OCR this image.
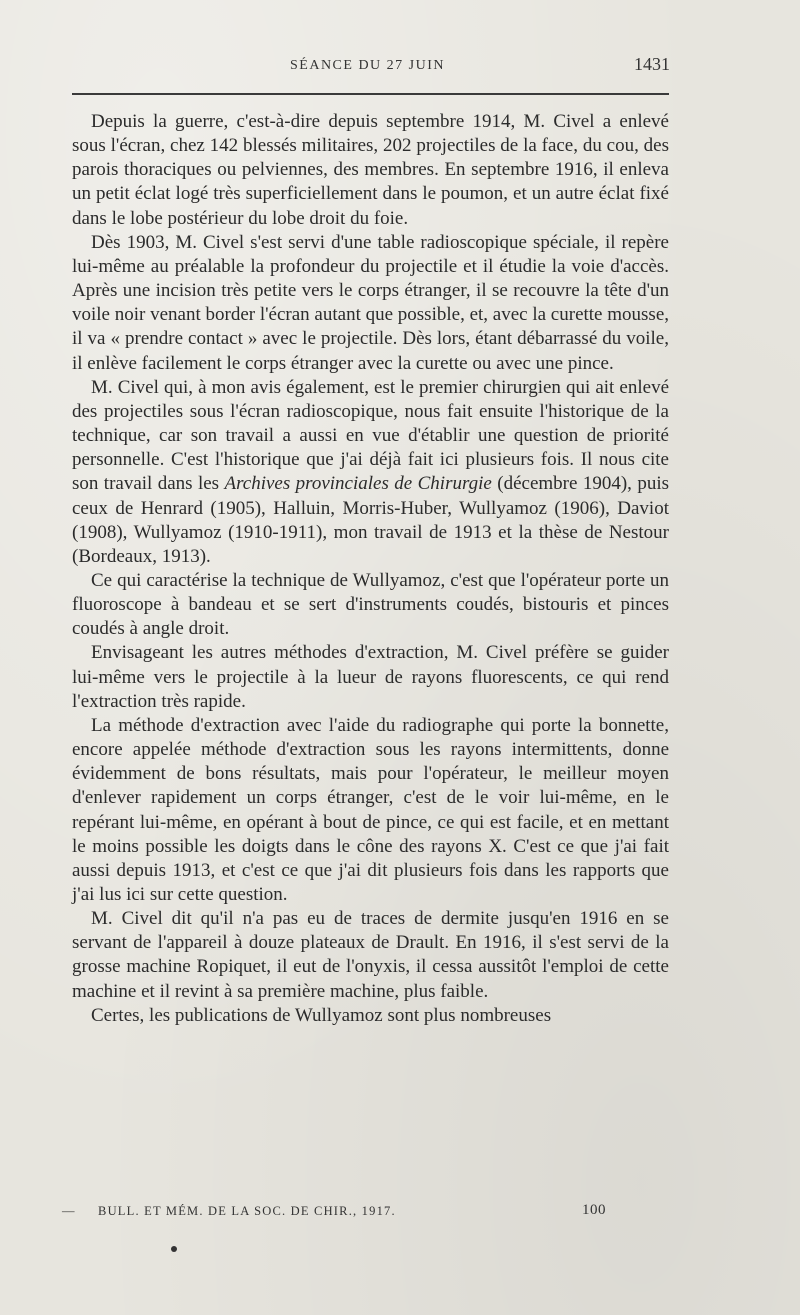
SÉANCE DU 27 JUIN	1431

Depuis la guerre, c'est-à-dire depuis septembre 1914, M. Civel a enlevé sous l'écran, chez 142 blessés militaires, 202 projectiles de la face, du cou, des parois thoraciques ou pelviennes, des membres. En septembre 1916, il enleva un petit éclat logé très superficiellement dans le poumon, et un autre éclat fixé dans le lobe postérieur du lobe droit du foie.

Dès 1903, M. Civel s'est servi d'une table radioscopique spéciale, il repère lui-même au préalable la profondeur du projectile et il étudie la voie d'accès. Après une incision très petite vers le corps étranger, il se recouvre la tête d'un voile noir venant border l'écran autant que possible, et, avec la curette mousse, il va « prendre contact » avec le projectile. Dès lors, étant débarrassé du voile, il enlève facilement le corps étranger avec la curette ou avec une pince.

M. Civel qui, à mon avis également, est le premier chirurgien qui ait enlevé des projectiles sous l'écran radioscopique, nous fait ensuite l'historique de la technique, car son travail a aussi en vue d'établir une question de priorité personnelle. C'est l'historique que j'ai déjà fait ici plusieurs fois. Il nous cite son travail dans les Archives provinciales de Chirurgie (décembre 1904), puis ceux de Henrard (1905), Halluin, Morris-Huber, Wullyamoz (1906), Daviot (1908), Wullyamoz (1910-1911), mon travail de 1913 et la thèse de Nestour (Bordeaux, 1913).

Ce qui caractérise la technique de Wullyamoz, c'est que l'opérateur porte un fluoroscope à bandeau et se sert d'instruments coudés, bistouris et pinces coudés à angle droit.

Envisageant les autres méthodes d'extraction, M. Civel préfère se guider lui-même vers le projectile à la lueur de rayons fluorescents, ce qui rend l'extraction très rapide.

La méthode d'extraction avec l'aide du radiographe qui porte la bonnette, encore appelée méthode d'extraction sous les rayons intermittents, donne évidemment de bons résultats, mais pour l'opérateur, le meilleur moyen d'enlever rapidement un corps étranger, c'est de le voir lui-même, en le repérant lui-même, en opérant à bout de pince, ce qui est facile, et en mettant le moins possible les doigts dans le cône des rayons X. C'est ce que j'ai fait aussi depuis 1913, et c'est ce que j'ai dit plusieurs fois dans les rapports que j'ai lus ici sur cette question.

M. Civel dit qu'il n'a pas eu de traces de dermite jusqu'en 1916 en se servant de l'appareil à douze plateaux de Drault. En 1916, il s'est servi de la grosse machine Ropiquet, il eut de l'onyxis, il cessa aussitôt l'emploi de cette machine et il revint à sa première machine, plus faible.

Certes, les publications de Wullyamoz sont plus nombreuses

— BULL. ET MÉM. DE LA SOC. DE CHIR., 1917.	100
